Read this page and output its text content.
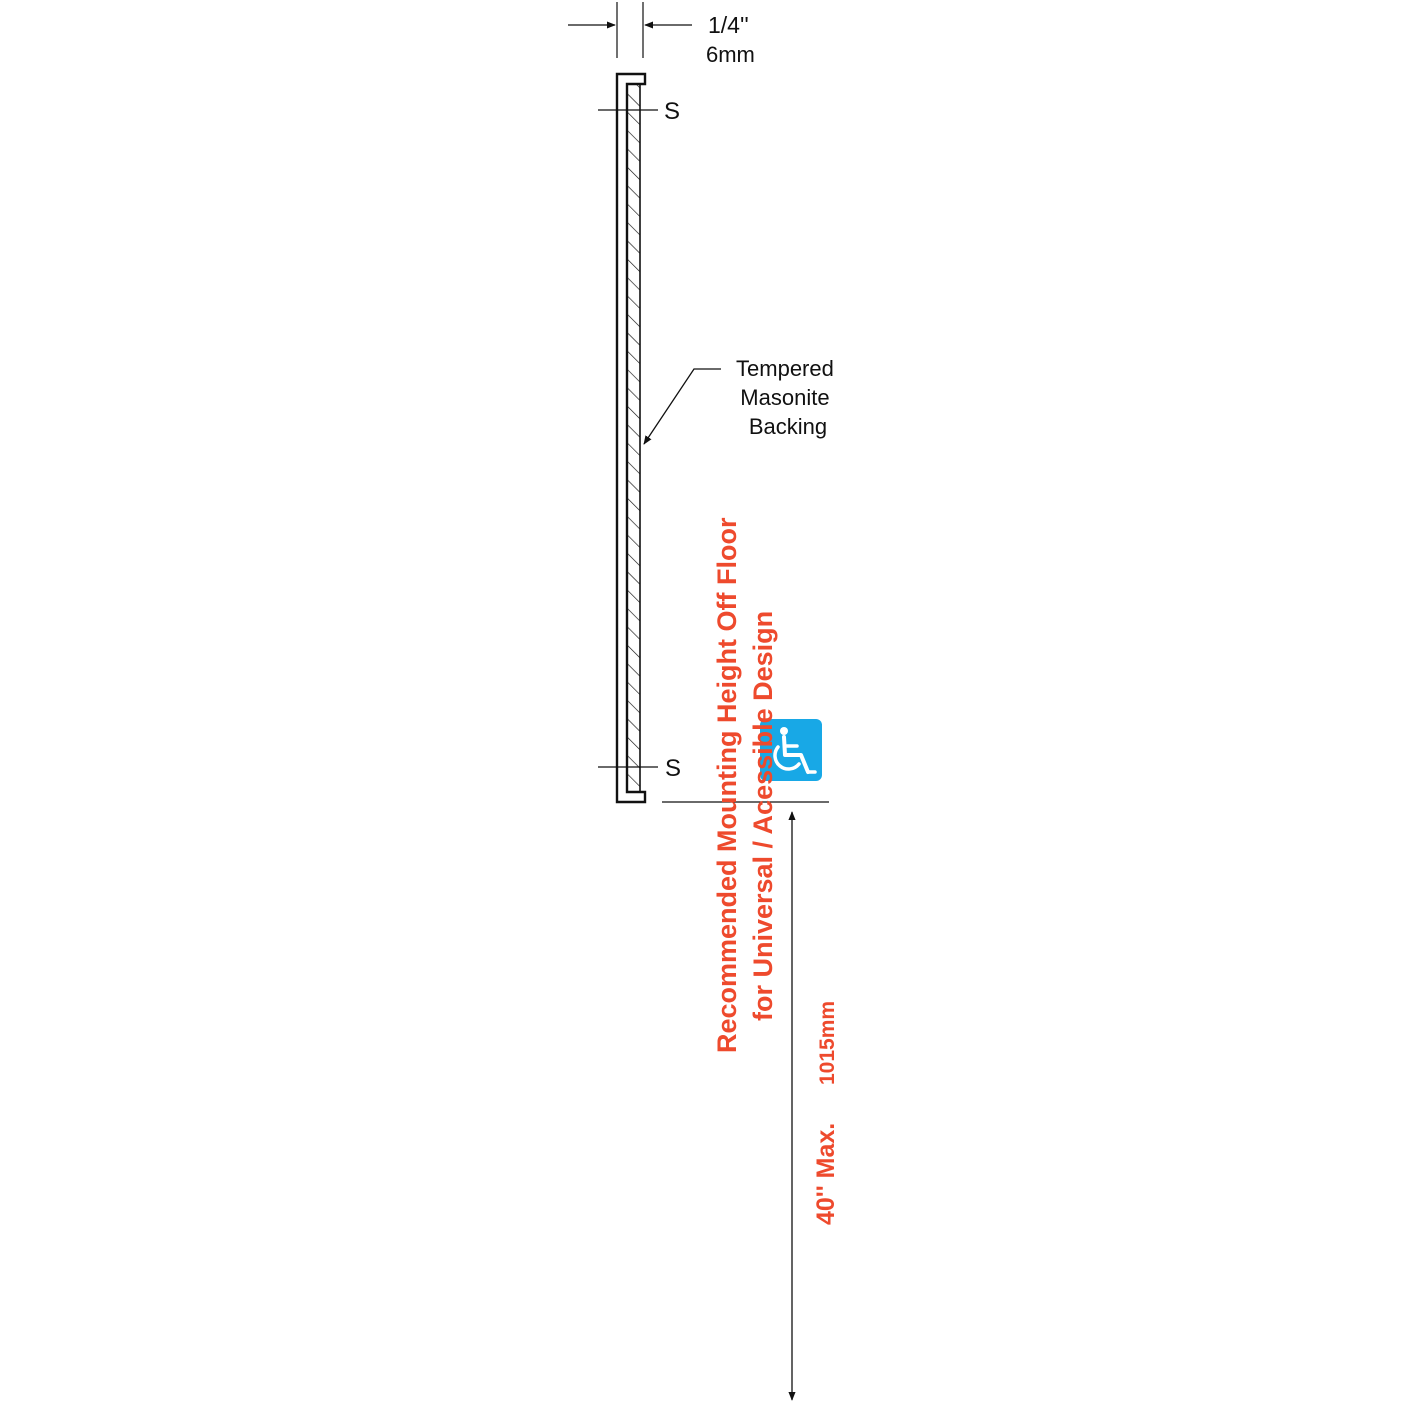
1/4''
6mm
S
S
Tempered Masonite Backing
Recommended Mounting Height Off Floor for Universal / Acessible Design
40'' Max.
1015mm
